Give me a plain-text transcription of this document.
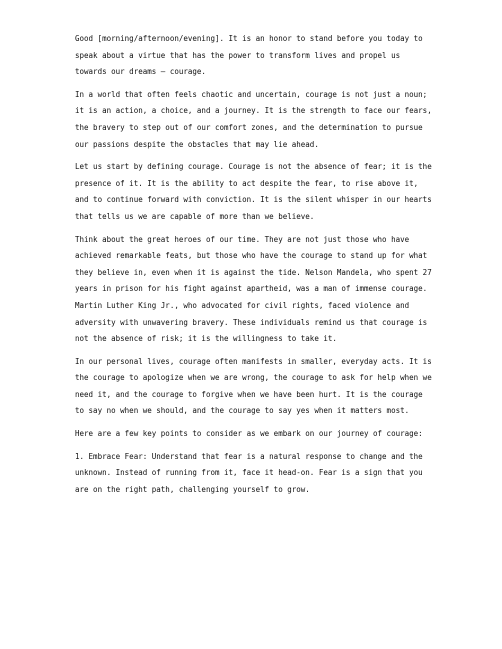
Good [morning/afternoon/evening]. It is an honor to stand before you today to speak about a virtue that has the power to transform lives and propel us towards our dreams – courage.

In a world that often feels chaotic and uncertain, courage is not just a noun; it is an action, a choice, and a journey. It is the strength to face our fears, the bravery to step out of our comfort zones, and the determination to pursue our passions despite the obstacles that may lie ahead.

Let us start by defining courage. Courage is not the absence of fear; it is the presence of it. It is the ability to act despite the fear, to rise above it, and to continue forward with conviction. It is the silent whisper in our hearts that tells us we are capable of more than we believe.

Think about the great heroes of our time. They are not just those who have achieved remarkable feats, but those who have the courage to stand up for what they believe in, even when it is against the tide. Nelson Mandela, who spent 27 years in prison for his fight against apartheid, was a man of immense courage. Martin Luther King Jr., who advocated for civil rights, faced violence and adversity with unwavering bravery. These individuals remind us that courage is not the absence of risk; it is the willingness to take it.

In our personal lives, courage often manifests in smaller, everyday acts. It is the courage to apologize when we are wrong, the courage to ask for help when we need it, and the courage to forgive when we have been hurt. It is the courage to say no when we should, and the courage to say yes when it matters most.

Here are a few key points to consider as we embark on our journey of courage:

1. Embrace Fear: Understand that fear is a natural response to change and the unknown. Instead of running from it, face it head-on. Fear is a sign that you are on the right path, challenging yourself to grow.
